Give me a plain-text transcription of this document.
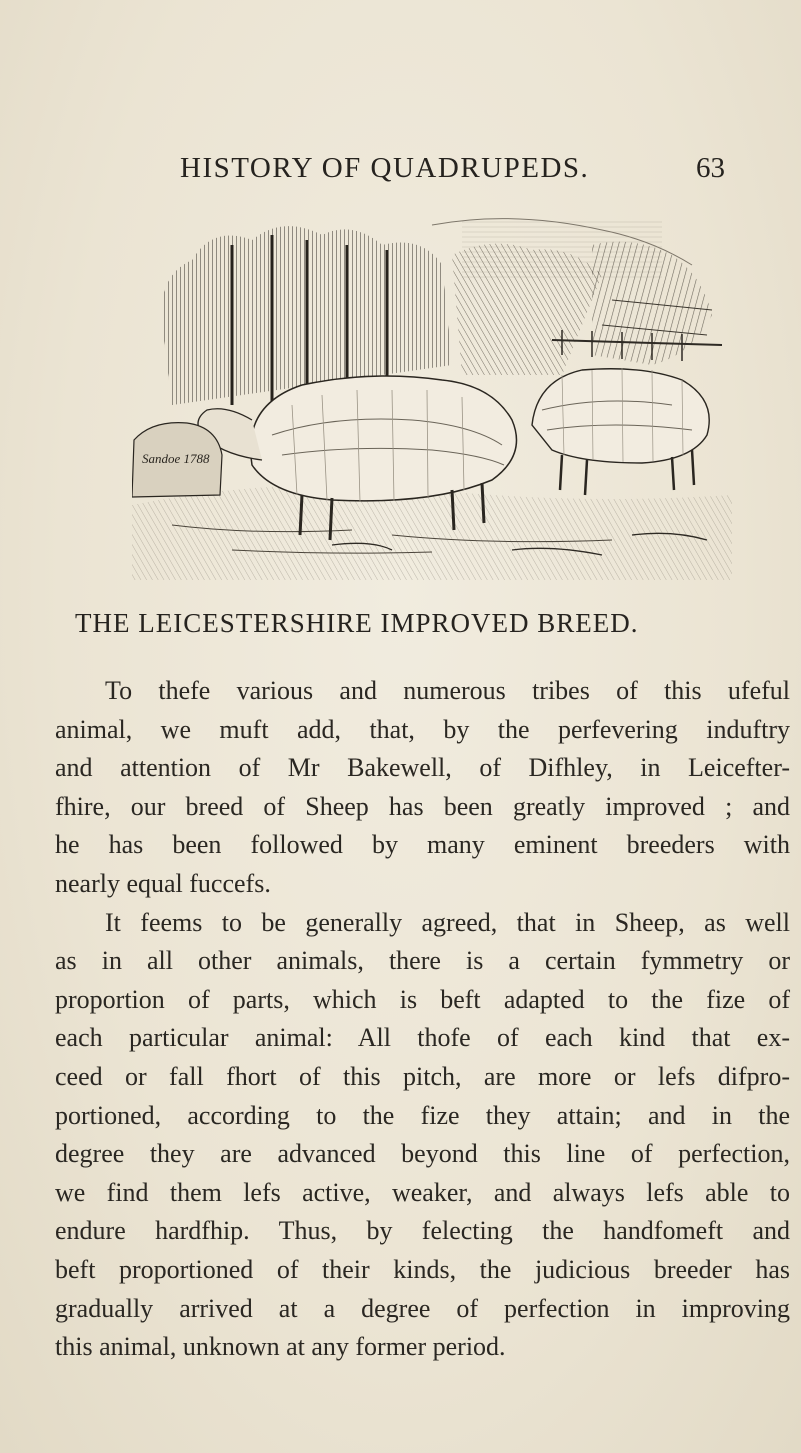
HISTORY OF QUADRUPEDS.	63
Sandoe 1788
THE LEICESTERSHIRE IMPROVED BREED.

To thefe various and numerous tribes of this ufeful
animal, we muft add, that, by the perfevering induftry
and attention of Mr Bakewell, of Difhley, in Leicefter-
fhire, our breed of Sheep has been greatly improved ; and
he has been followed by many eminent breeders with
nearly equal fuccefs.

It feems to be generally agreed, that in Sheep, as well
as in all other animals, there is a certain fymmetry or
proportion of parts, which is beft adapted to the fize of
each particular animal: All thofe of each kind that ex-
ceed or fall fhort of this pitch, are more or lefs difpro-
portioned, according to the fize they attain; and in the
degree they are advanced beyond this line of perfection,
we find them lefs active, weaker, and always lefs able to
endure hardfhip. Thus, by felecting the handfomeft and
beft proportioned of their kinds, the judicious breeder has
gradually arrived at a degree of perfection in improving
this animal, unknown at any former period.
